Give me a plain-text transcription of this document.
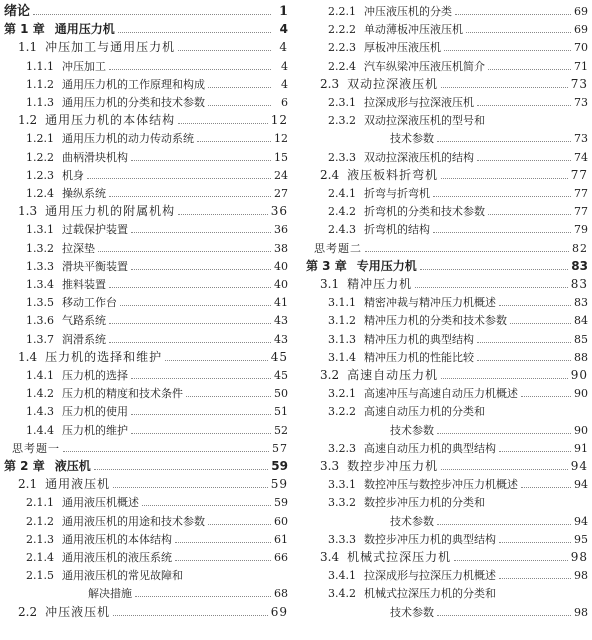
绪论	1
第 1 章 通用压力机	4
1.1 冲压加工与通用压力机	4
1.1.1 冲压加工	4
1.1.2 通用压力机的工作原理和构成	4
1.1.3 通用压力机的分类和技术参数	6
1.2 通用压力机的本体结构	12
1.2.1 通用压力机的动力传动系统	12
1.2.2 曲柄滑块机构	15
1.2.3 机身	24
1.2.4 操纵系统	27
1.3 通用压力机的附属机构	36
1.3.1 过载保护装置	36
1.3.2 拉深垫	38
1.3.3 滑块平衡装置	40
1.3.4 推料装置	40
1.3.5 移动工作台	41
1.3.6 气路系统	43
1.3.7 润滑系统	43
1.4 压力机的选择和维护	45
1.4.1 压力机的选择	45
1.4.2 压力机的精度和技术条件	50
1.4.3 压力机的使用	51
1.4.4 压力机的维护	52
思考题一	57
第 2 章 液压机	59
2.1 通用液压机	59
2.1.1 通用液压机概述	59
2.1.2 通用液压机的用途和技术参数	60
2.1.3 通用液压机的本体结构	61
2.1.4 通用液压机的液压系统	66
2.1.5 通用液压机的常见故障和
解决措施	68
2.2 冲压液压机	69
2.2.1 冲压液压机的分类	69
2.2.2 单动薄板冲压液压机	69
2.2.3 厚板冲压液压机	70
2.2.4 汽车纵梁冲压液压机简介	71
2.3 双动拉深液压机	73
2.3.1 拉深成形与拉深液压机	73
2.3.2 双动拉深液压机的型号和
技术参数	73
2.3.3 双动拉深液压机的结构	74
2.4 液压板料折弯机	77
2.4.1 折弯与折弯机	77
2.4.2 折弯机的分类和技术参数	77
2.4.3 折弯机的结构	79
思考题二	82
第 3 章 专用压力机	83
3.1 精冲压力机	83
3.1.1 精密冲裁与精冲压力机概述	83
3.1.2 精冲压力机的分类和技术参数	84
3.1.3 精冲压力机的典型结构	85
3.1.4 精冲压力机的性能比较	88
3.2 高速自动压力机	90
3.2.1 高速冲压与高速自动压力机概述	90
3.2.2 高速自动压力机的分类和
技术参数	90
3.2.3 高速自动压力机的典型结构	91
3.3 数控步冲压力机	94
3.3.1 数控冲压与数控步冲压力机概述	94
3.3.2 数控步冲压力机的分类和
技术参数	94
3.3.3 数控步冲压力机的典型结构	95
3.4 机械式拉深压力机	98
3.4.1 拉深成形与拉深压力机概述	98
3.4.2 机械式拉深压力机的分类和
技术参数	98
